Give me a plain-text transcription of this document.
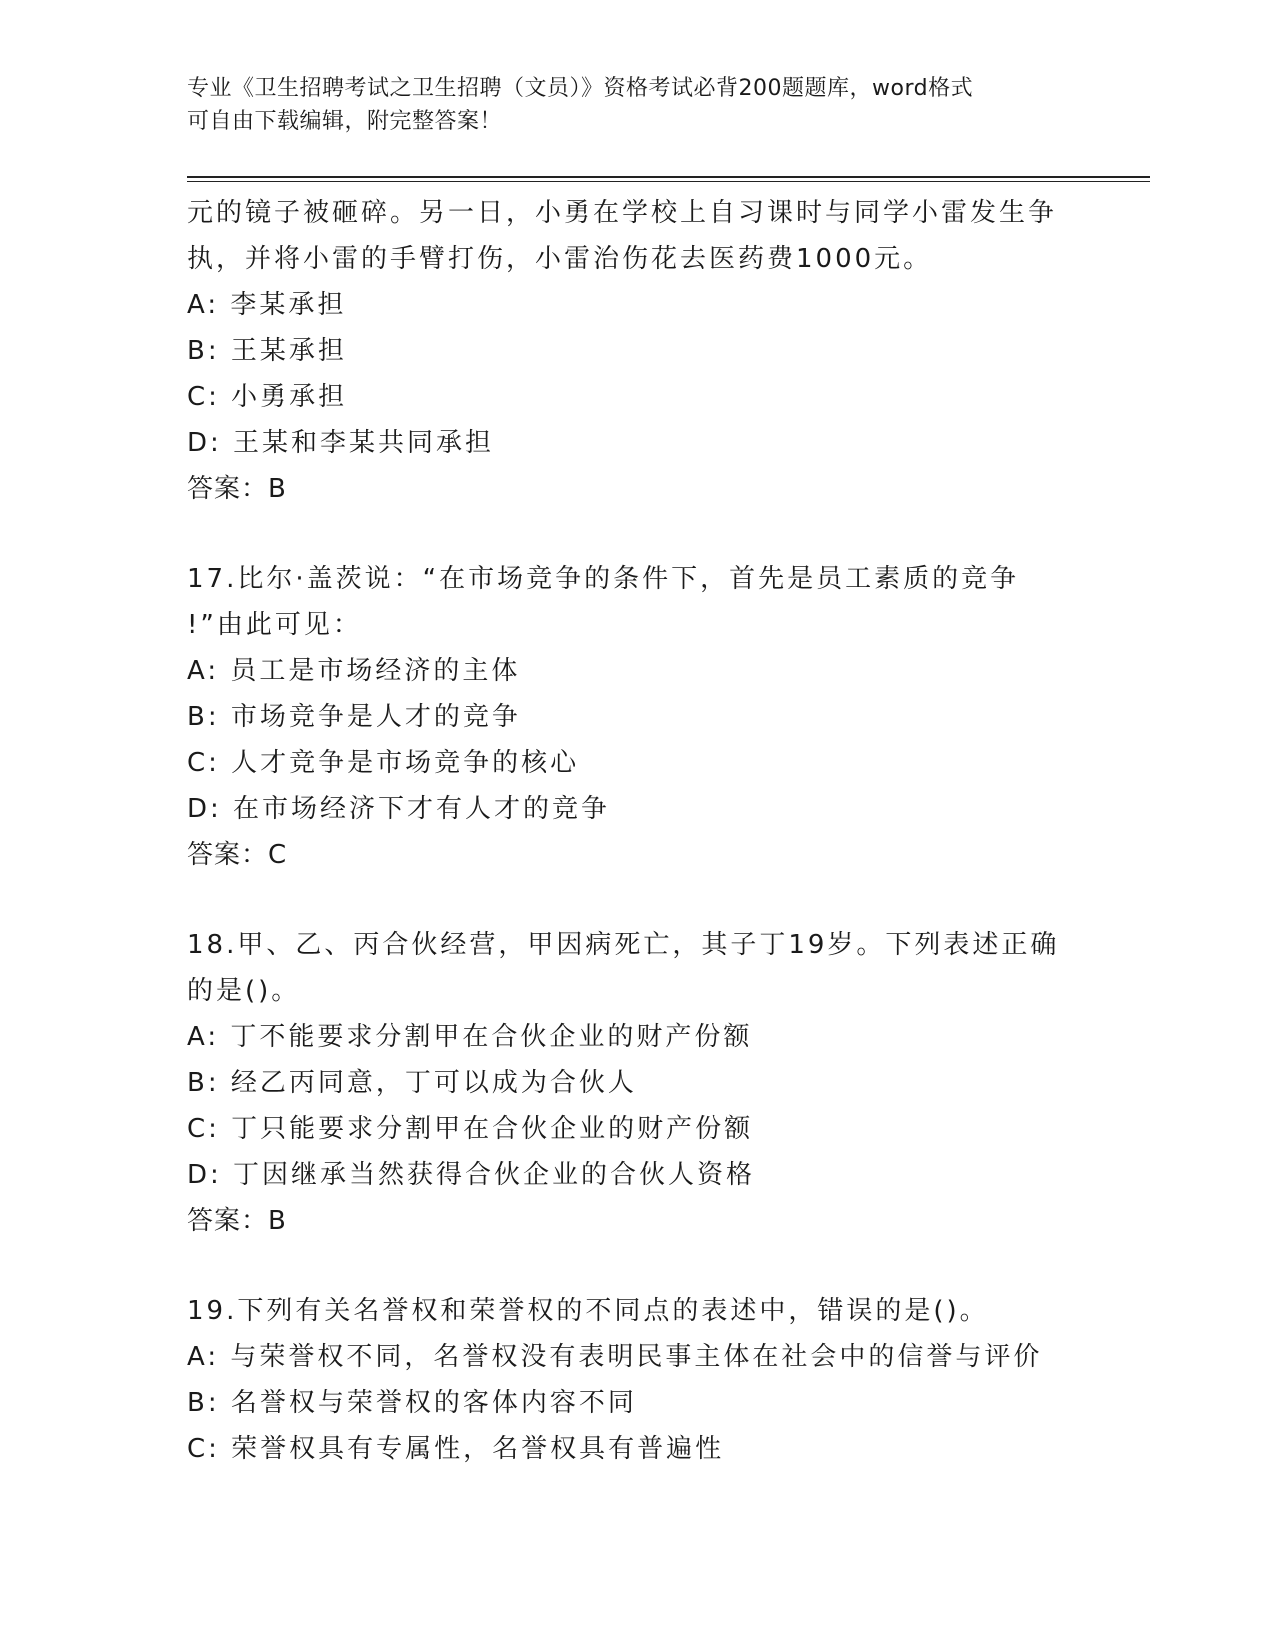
专业《卫生招聘考试之卫生招聘（文员）》资格考试必背200题题库，word格式
可自由下载编辑，附完整答案！
元的镜子被砸碎。另一日，小勇在学校上自习课时与同学小雷发生争
执，并将小雷的手臂打伤，小雷治伤花去医药费1000元。
A: 李某承担
B: 王某承担
C: 小勇承担
D: 王某和李某共同承担
答案：B
17.比尔·盖茨说：“在市场竞争的条件下，首先是员工素质的竞争
!”由此可见：
A: 员工是市场经济的主体
B: 市场竞争是人才的竞争
C: 人才竞争是市场竞争的核心
D: 在市场经济下才有人才的竞争
答案：C
18.甲、乙、丙合伙经营，甲因病死亡，其子丁19岁。下列表述正确
的是()。
A: 丁不能要求分割甲在合伙企业的财产份额
B: 经乙丙同意，丁可以成为合伙人
C: 丁只能要求分割甲在合伙企业的财产份额
D: 丁因继承当然获得合伙企业的合伙人资格
答案：B
19.下列有关名誉权和荣誉权的不同点的表述中，错误的是()。
A: 与荣誉权不同，名誉权没有表明民事主体在社会中的信誉与评价
B: 名誉权与荣誉权的客体内容不同
C: 荣誉权具有专属性，名誉权具有普遍性
